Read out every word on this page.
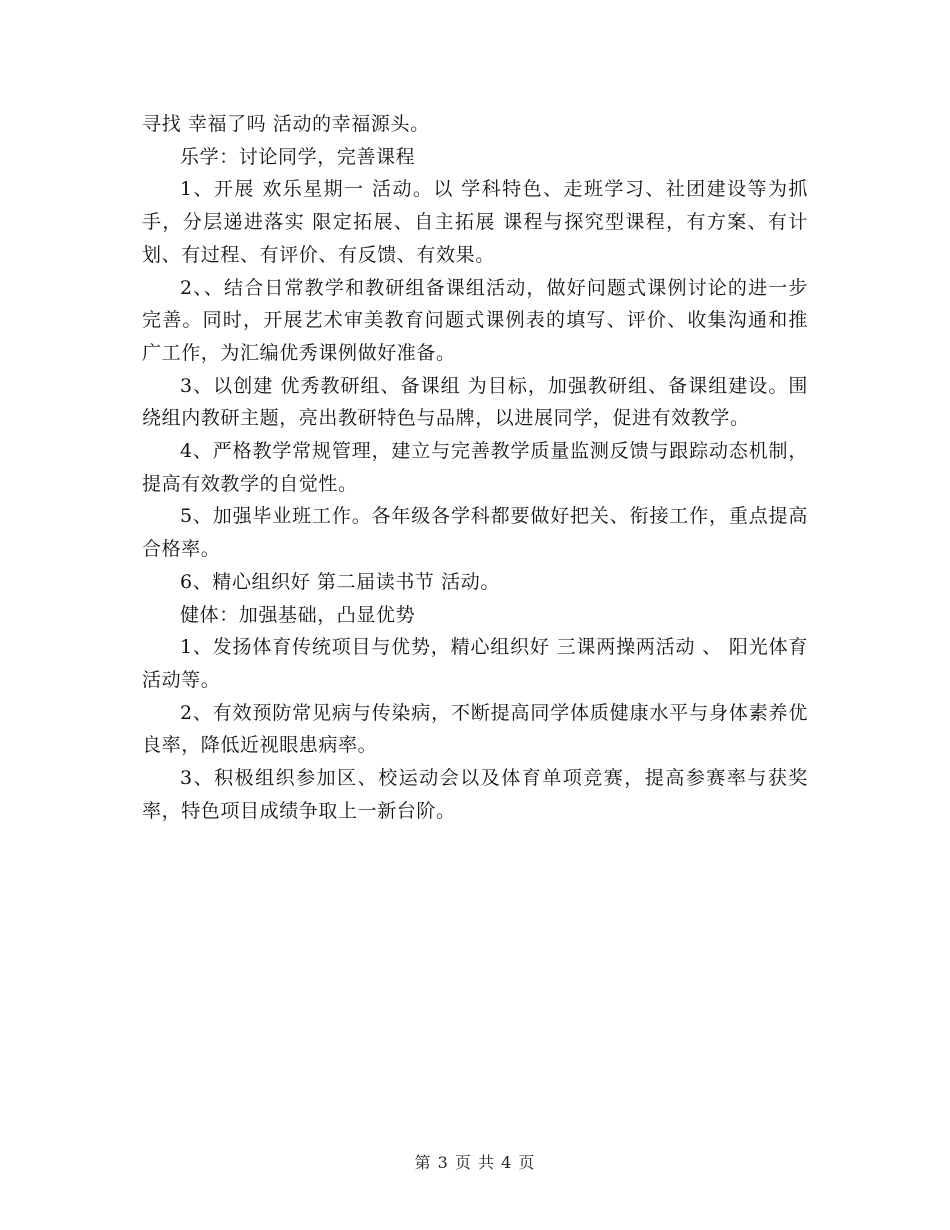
寻找 幸福了吗 活动的幸福源头。

乐学：讨论同学，完善课程

1、开展 欢乐星期一 活动。以 学科特色、走班学习、社团建设等为抓手，分层递进落实 限定拓展、自主拓展 课程与探究型课程，有方案、有计划、有过程、有评价、有反馈、有效果。

2、、结合日常教学和教研组备课组活动，做好问题式课例讨论的进一步完善。同时，开展艺术审美教育问题式课例表的填写、评价、收集沟通和推广工作，为汇编优秀课例做好准备。

3、以创建 优秀教研组、备课组 为目标，加强教研组、备课组建设。围绕组内教研主题，亮出教研特色与品牌，以进展同学，促进有效教学。

4、严格教学常规管理，建立与完善教学质量监测反馈与跟踪动态机制，提高有效教学的自觉性。

5、加强毕业班工作。各年级各学科都要做好把关、衔接工作，重点提高合格率。

6、精心组织好 第二届读书节 活动。

健体：加强基础，凸显优势

1、发扬体育传统项目与优势，精心组织好 三课两操两活动 、 阳光体育 活动等。

2、有效预防常见病与传染病，不断提高同学体质健康水平与身体素养优良率，降低近视眼患病率。

3、积极组织参加区、校运动会以及体育单项竞赛，提高参赛率与获奖率，特色项目成绩争取上一新台阶。

第 3 页 共 4 页
